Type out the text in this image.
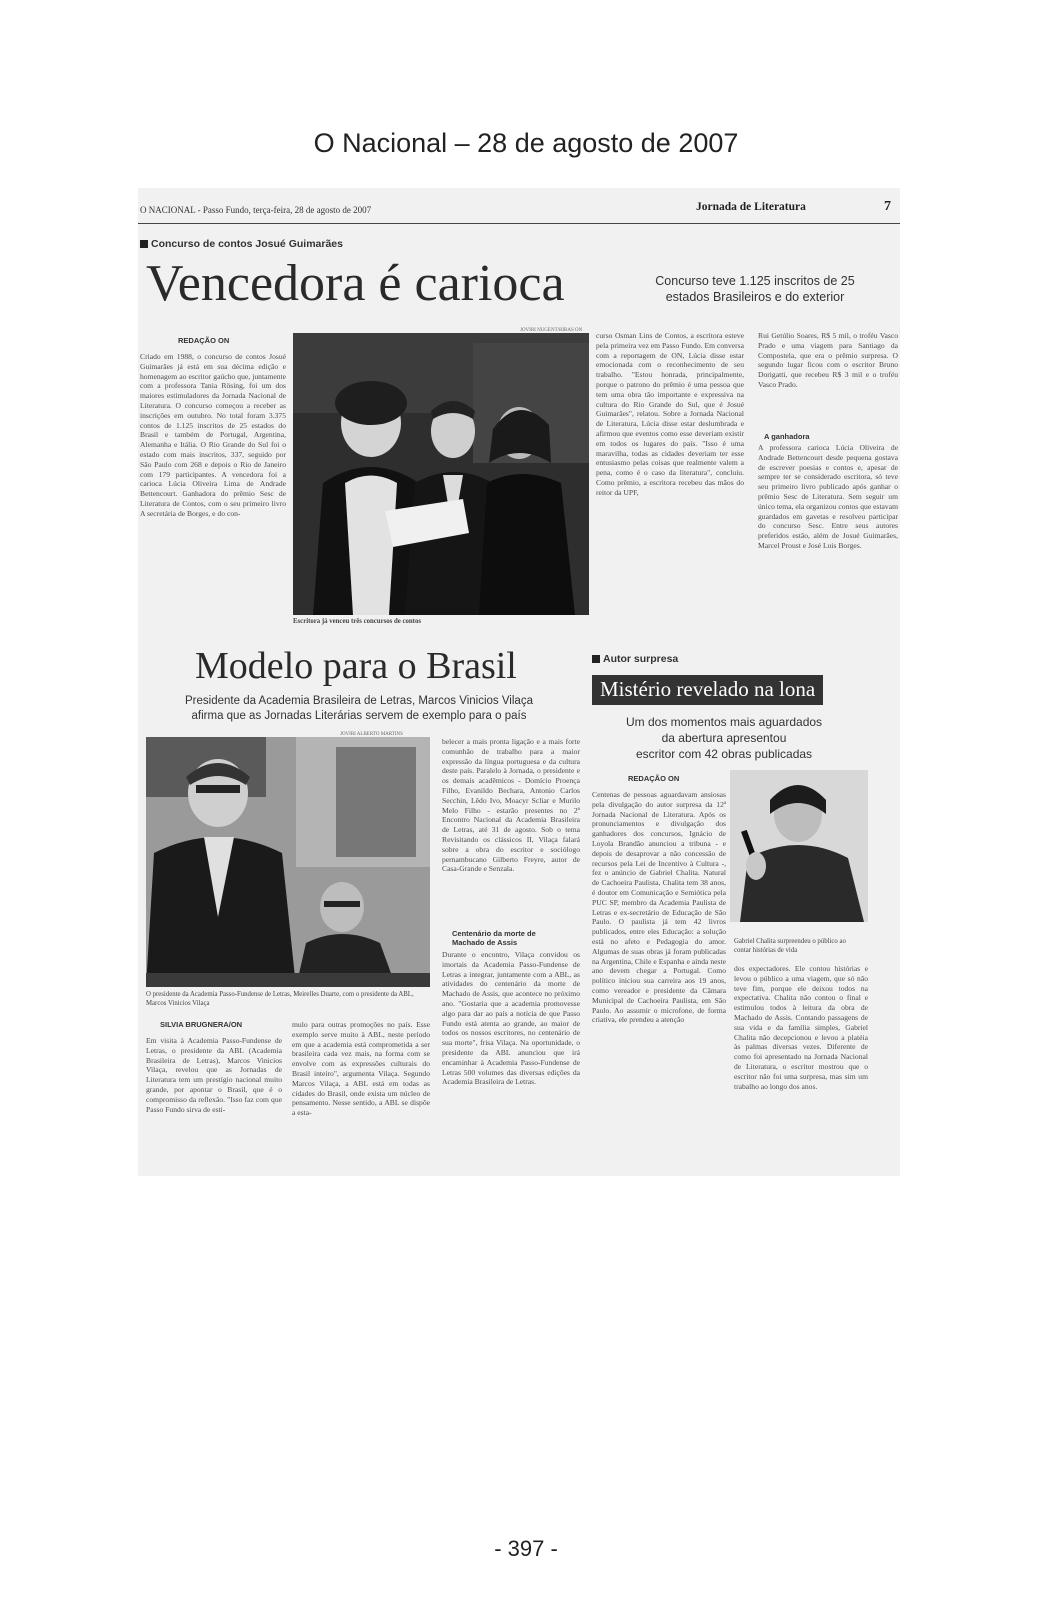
O Nacional – 28 de agosto de 2007
O NACIONAL - Passo Fundo, terça-feira, 28 de agosto de 2007	Jornada de Literatura	7
Concurso de contos Josué Guimarães
Vencedora é carioca	Concurso teve 1.125 inscritos de 25 estados Brasileiros e do exterior
REDAÇÃO ON
Criado em 1988, o concurso de contos Josué Guimarães já está em sua décima edição e homenagem ao escritor gaúcho que, juntamente com a professora Tania Rösing, foi um dos maiores estimuladores da Jornada Nacional de Literatura. O concurso começou a receber as inscrições em outubro. No total foram 3.375 contos de 1.125 inscritos de 25 estados do Brasil e também de Portugal, Argentina, Alemanha e Itália. O Rio Grande do Sul foi o estado com mais inscritos, 337, seguido por São Paulo com 268 e depois o Rio de Janeiro com 179 participantes. A vencedora foi a carioca Lúcia Oliveira Lima de Andrade Bettencourt. Ganhadora do prêmio Sesc de Literatura de Contos, com o seu primeiro livro A secretária de Borges, e do con-
JOVIRI NUGENT/RIBAS ON
Escritora já venceu três concursos de contos
curso Osman Lins de Contos, a escritora esteve pela primeira vez em Passo Fundo. Em conversa com a reportagem de ON, Lúcia disse estar emocionada com o reconhecimento de seu trabalho. "Estou honrada, principalmente, porque o patrono do prêmio é uma pessoa que tem uma obra tão importante e expressiva na cultura do Rio Grande do Sul, que é Josué Guimarães", relatou. Sobre a Jornada Nacional de Literatura, Lúcia disse estar deslumbrada e afirmou que eventos como esse deveriam existir em todos os lugares do país. "Isso é uma maravilha, todas as cidades deveriam ter esse entusiasmo pelas coisas que realmente valem a pena, como é o caso da literatura", concluiu. Como prêmio, a escritora recebeu das mãos do reitor da UPF,
Rui Getúlio Soares, R$ 5 mil, o troféu Vasco Prado e uma viagem para Santiago da Compostela, que era o prêmio surpresa. O segundo lugar ficou com o escritor Bruno Dorigatti, que recebeu R$ 3 mil e o troféu Vasco Prado.
A ganhadora
A professora carioca Lúcia Oliveira de Andrade Bettencourt desde pequena gostava de escrever poesias e contos e, apesar de sempre ter se considerado escritora, só teve seu primeiro livro publicado após ganhar o prêmio Sesc de Literatura. Sem seguir um único tema, ela organizou contos que estavam guardados em gavetas e resolveu participar do concurso Sesc. Entre seus autores preferidos estão, além de Josué Guimarães, Marcel Proust e José Luis Borges.
Modelo para o Brasil
Presidente da Academia Brasileira de Letras, Marcos Vinicios Vilaça
afirma que as Jornadas Literárias servem de exemplo para o país
JOVIRI ALBERTO MARTINS
O presidente da Academia Passo-Fundense de Letras, Meirelles Duarte, com o presidente da ABL, Marcos Vinicios Vilaça
SILVIA BRUGNERA/ON
Em visita à Academia Passo-Fundense de Letras, o presidente da ABL (Academia Brasileira de Letras), Marcos Vinicios Vilaça, revelou que as Jornadas de Literatura tem um prestígio nacional muito grande, por apontar o Brasil, que é o compromisso da reflexão. "Isso faz com que Passo Fundo sirva de esti-
mulo para outras promoções no país. Esse exemplo serve muito à ABL, neste período em que a academia está comprometida a ser brasileira cada vez mais, na forma com se envolve com as expressões culturais do Brasil inteiro", argumenta Vilaça. Segundo Marcos Vilaça, a ABL está em todas as cidades do Brasil, onde exista um núcleo de pensamento. Nesse sentido, a ABL se dispõe a esta-
belecer a mais pronta ligação e a mais forte comunhão de trabalho para a maior expressão da língua portuguesa e da cultura deste país. Paralelo à Jornada, o presidente e os demais acadêmicos - Domício Proença Filho, Evanildo Bechara, Antonio Carlos Secchin, Lêdo Ivo, Moacyr Scliar e Murilo Melo Filho - estarão presentes no 2º Encontro Nacional da Academia Brasileira de Letras, até 31 de agosto. Sob o tema Revisitando os clássicos II, Vilaça falará sobre a obra do escritor e sociólogo pernambucano Gilberto Freyre, autor de Casa-Grande e Senzala.
Centenário da morte de Machado de Assis
Durante o encontro, Vilaça convidou os imortais da Academia Passo-Fundense de Letras a integrar, juntamente com a ABL, as atividades do centenário da morte de Machado de Assis, que acontece no próximo ano. "Gostaria que a academia promovesse algo para dar ao país a notícia de que Passo Fundo está atenta ao grande, ao maior de todos os nossos escritores, no centenário de sua morte", frisa Vilaça. Na oportunidade, o presidente da ABL anunciou que irá encaminhar à Academia Passo-Fundense de Letras 500 volumes das diversas edições da Academia Brasileira de Letras.
Autor surpresa
Mistério revelado na lona
Um dos momentos mais aguardados
da abertura apresentou
escritor com 42 obras publicadas
REDAÇÃO ON
Centenas de pessoas aguardavam ansiosas pela divulgação do autor surpresa da 12ª Jornada Nacional de Literatura. Após os pronunciamentos e divulgação dos ganhadores dos concursos, Ignácio de Loyola Brandão anunciou a tribuna - e depois de desaprovar a não concessão de recursos pela Lei de Incentivo à Cultura -, fez o anúncio de Gabriel Chalita. Natural de Cachoeira Paulista, Chalita tem 38 anos, é doutor em Comunicação e Semiótica pela PUC SP, membro da Academia Paulista de Letras e ex-secretário de Educação de São Paulo. O paulista já tem 42 livros publicados, entre eles Educação: a solução está no afeto e Pedagogia do amor. Algumas de suas obras já foram publicadas na Argentina, Chile e Espanha e ainda neste ano devem chegar a Portugal. Como político iniciou sua carreira aos 19 anos, como vereador e presidente da Câmara Municipal de Cachoeira Paulista, em São Paulo. Ao assumir o microfone, de forma criativa, ele prendeu a atenção
Gabriel Chalita surpreendeu o público ao contar histórias de vida
dos expectadores. Ele contou histórias e levou o público a uma viagem, que só não teve fim, porque ele deixou todos na expectativa. Chalita não contou o final e estimulou todos à leitura da obra de Machado de Assis. Contando passagens de sua vida e da família simples, Gabriel Chalita não decepcionou e levou a platéia às palmas diversas vezes. Diferente de como foi apresentado na Jornada Nacional de Literatura, o escritor mostrou que o escritor não foi uma surpresa, mas sim um trabalho ao longo dos anos.
- 397 -
